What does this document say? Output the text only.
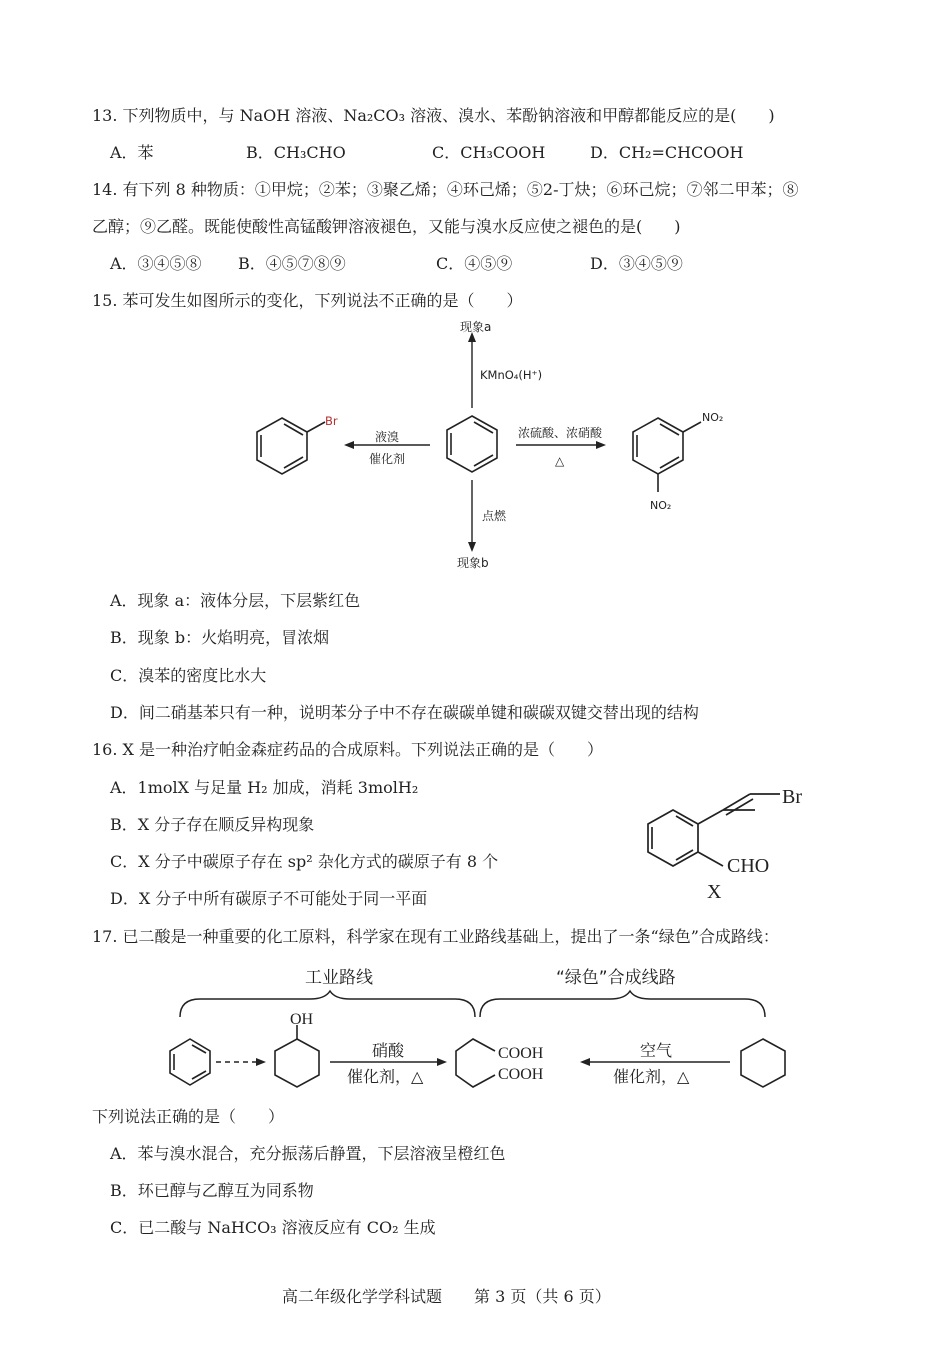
13. 下列物质中，与 NaOH 溶液、Na₂CO₃ 溶液、溴水、苯酚钠溶液和甲醇都能反应的是(　　)
A．苯	B．CH₃CHO	C．CH₃COOH	D．CH₂=CHCOOH
14. 有下列 8 种物质：①甲烷；②苯；③聚乙烯；④环己烯；⑤2-丁炔；⑥环己烷；⑦邻二甲苯；⑧
乙醇；⑨乙醛。既能使酸性高锰酸钾溶液褪色，又能与溴水反应使之褪色的是(　　)
A．③④⑤⑧ B．④⑤⑦⑧⑨	C．④⑤⑨	D．③④⑤⑨
15. 苯可发生如图所示的变化，下列说法不正确的是（　　）
现象a
KMnO₄(H⁺)
液溴
催化剂
Br
浓硫酸、浓硝酸
△
NO₂
NO₂
点燃
现象b
A．现象 a：液体分层，下层紫红色
B．现象 b：火焰明亮，冒浓烟
C．溴苯的密度比水大
D．间二硝基苯只有一种，说明苯分子中不存在碳碳单键和碳碳双键交替出现的结构
16. X 是一种治疗帕金森症药品的合成原料。下列说法正确的是（　　）
A．1molX 与足量 H₂ 加成，消耗 3molH₂
B．X 分子存在顺反异构现象
C．X 分子中碳原子存在 sp² 杂化方式的碳原子有 8 个
D．X 分子中所有碳原子不可能处于同一平面
Br
CHO
X
17. 已二酸是一种重要的化工原料，科学家在现有工业路线基础上，提出了一条“绿色”合成路线：
工业路线	“绿色”合成线路
OH
硝酸
催化剂，△
COOH
COOH
空气
催化剂，△
下列说法正确的是（　　）
A．苯与溴水混合，充分振荡后静置，下层溶液呈橙红色
B．环已醇与乙醇互为同系物
C．已二酸与 NaHCO₃ 溶液反应有 CO₂ 生成
高二年级化学学科试题　　第 3 页（共 6 页）
